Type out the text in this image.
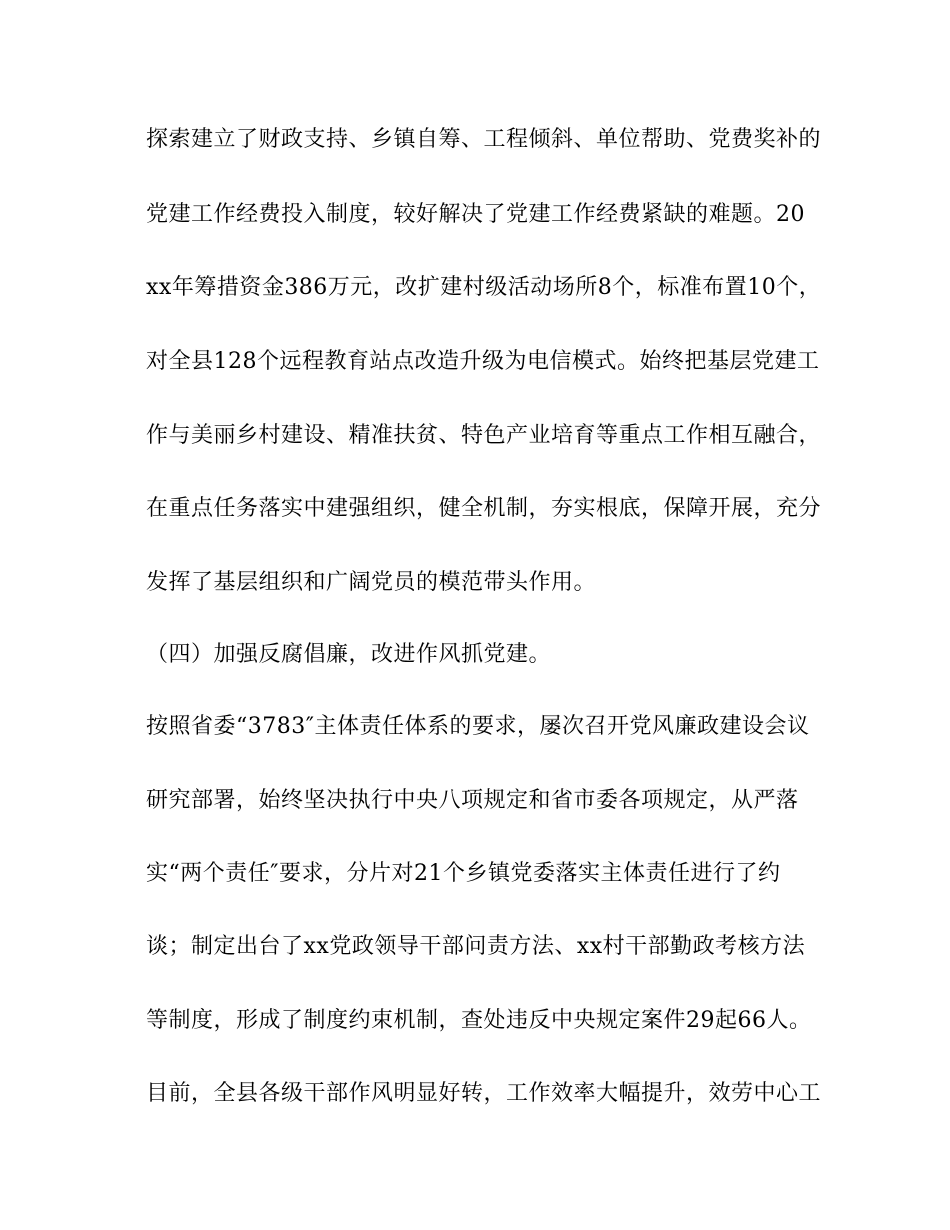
探索建立了财政支持、乡镇自筹、工程倾斜、单位帮助、党费奖补的
党建工作经费投入制度，较好解决了党建工作经费紧缺的难题。20
xx年筹措资金386万元，改扩建村级活动场所8个，标准布置10个，
对全县128个远程教育站点改造升级为电信模式。始终把基层党建工
作与美丽乡村建设、精准扶贫、特色产业培育等重点工作相互融合，
在重点任务落实中建强组织，健全机制，夯实根底，保障开展，充分
发挥了基层组织和广阔党员的模范带头作用。
（四）加强反腐倡廉，改进作风抓党建。
按照省委“3783″主体责任体系的要求，屡次召开党风廉政建设会议
研究部署，始终坚决执行中央八项规定和省市委各项规定，从严落
实“两个责任″要求，分片对21个乡镇党委落实主体责任进行了约
谈；制定出台了xx党政领导干部问责方法、xx村干部勤政考核方法
等制度，形成了制度约束机制，查处违反中央规定案件29起66人。
目前，全县各级干部作风明显好转，工作效率大幅提升，效劳中心工
